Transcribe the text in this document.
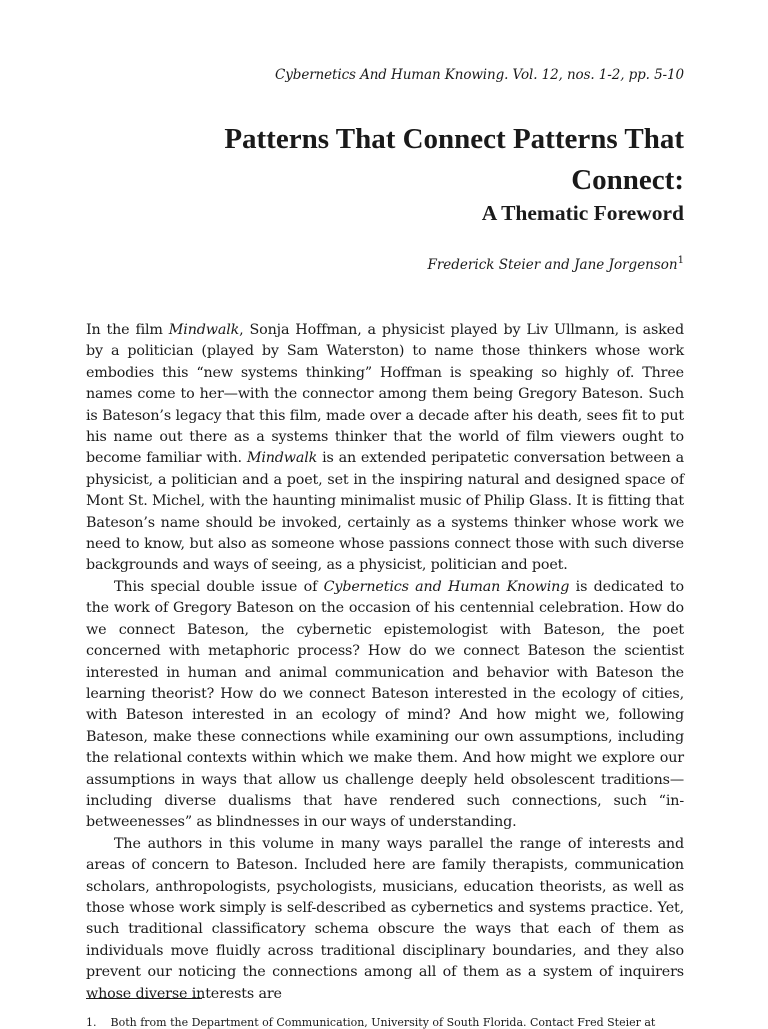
Cybernetics And Human Knowing. Vol. 12, nos. 1-2, pp. 5-10
Patterns That Connect Patterns That Connect:
A Thematic Foreword
Frederick Steier and Jane Jorgenson$^1$

In the film Mindwalk, Sonja Hoffman, a physicist played by Liv Ullmann, is asked by a politician (played by Sam Waterston) to name those thinkers whose work embodies this “new systems thinking” Hoffman is speaking so highly of. Three names come to her—with the connector among them being Gregory Bateson. Such is Bateson’s legacy that this film, made over a decade after his death, sees fit to put his name out there as a systems thinker that the world of film viewers ought to become familiar with. Mindwalk is an extended peripatetic conversation between a physicist, a politician and a poet, set in the inspiring natural and designed space of Mont St. Michel, with the haunting minimalist music of Philip Glass. It is fitting that Bateson’s name should be invoked, certainly as a systems thinker whose work we need to know, but also as someone whose passions connect those with such diverse backgrounds and ways of seeing, as a physicist, politician and poet.

This special double issue of Cybernetics and Human Knowing is dedicated to the work of Gregory Bateson on the occasion of his centennial celebration. How do we connect Bateson, the cybernetic epistemologist with Bateson, the poet concerned with metaphoric process? How do we connect Bateson the scientist interested in human and animal communication and behavior with Bateson the learning theorist? How do we connect Bateson interested in the ecology of cities, with Bateson interested in an ecology of mind? And how might we, following Bateson, make these connections while examining our own assumptions, including the relational contexts within which we make them. And how might we explore our assumptions in ways that allow us challenge deeply held obsolescent traditions—including diverse dualisms that have rendered such connections, such “in-betweenesses” as blindnesses in our ways of understanding.

The authors in this volume in many ways parallel the range of interests and areas of concern to Bateson. Included here are family therapists, communication scholars, anthropologists, psychologists, musicians, education theorists, as well as those whose work simply is self-described as cybernetics and systems practice. Yet, such traditional classificatory schema obscure the ways that each of them as individuals move fluidly across traditional disciplinary boundaries, and they also prevent our noticing the connections among all of them as a system of inquirers whose diverse interests are

1. Both from the Department of Communication, University of South Florida. Contact Fred Steier at
